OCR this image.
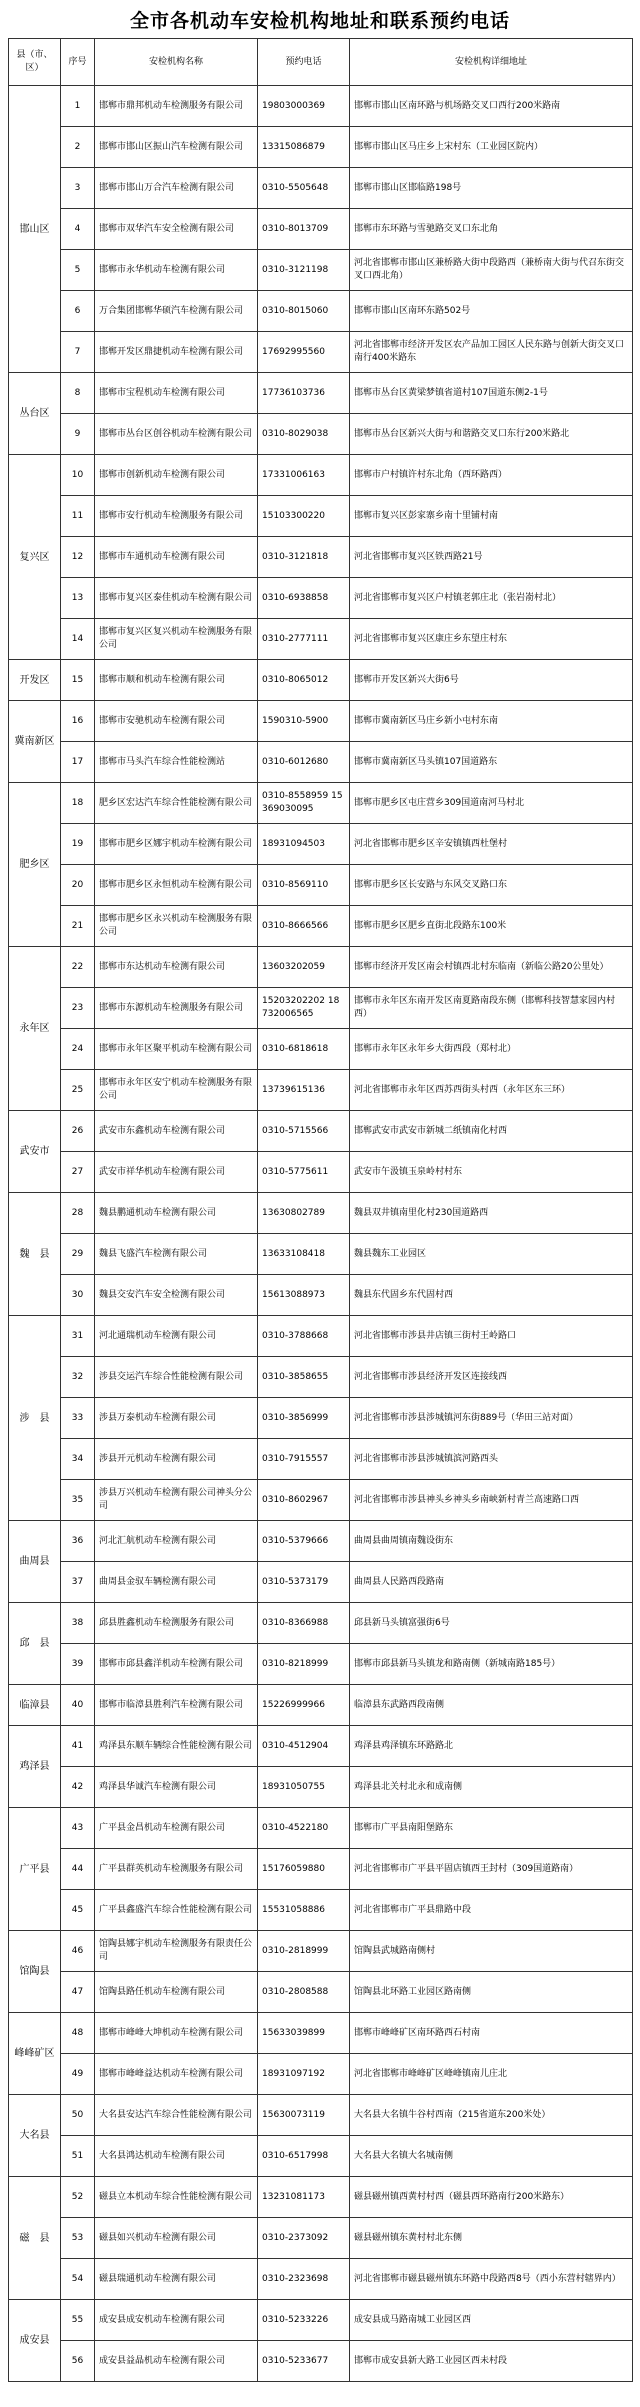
全市各机动车安检机构地址和联系预约电话
县（市、区）	序号	安检机构名称	预约电话	安检机构详细地址
邯山区	1	邯郸市鼎邦机动车检测服务有限公司	19803000369	邯郸市邯山区南环路与机场路交叉口西行200米路南
	2	邯郸市邯山区振山汽车检测有限公司	13315086879	邯郸市邯山区马庄乡上宋村东（工业园区院内）
	3	邯郸市邯山万合汽车检测有限公司	0310-5505648	邯郸市邯山区邯临路198号
	4	邯郸市双华汽车安全检测有限公司	0310-8013709	邯郸市东环路与雪驰路交叉口东北角
	5	邯郸市永华机动车检测有限公司	0310-3121198	河北省邯郸市邯山区兼桥路大街中段路西（兼桥南大街与代召东街交叉口西北角）
	6	万合集团邯郸华硕汽车检测有限公司	0310-8015060	邯郸市邯山区南环东路502号
	7	邯郸开发区鼎捷机动车检测有限公司	17692995560	河北省邯郸市经济开发区农产品加工园区人民东路与创新大街交叉口南行400米路东
丛台区	8	邯郸市宝程机动车检测有限公司	17736103736	邯郸市丛台区黄梁梦镇省道村107国道东侧2-1号
	9	邯郸市丛台区创谷机动车检测有限公司	0310-8029038	邯郸市丛台区新兴大街与和谐路交叉口东行200米路北
复兴区	10	邯郸市创新机动车检测有限公司	17331006163	邯郸市户村镇许村东北角（西环路西）
	11	邯郸市安行机动车检测服务有限公司	15103300220	邯郸市复兴区彭家寨乡南十里铺村南
	12	邯郸市车通机动车检测有限公司	0310-3121818	河北省邯郸市复兴区铁西路21号
	13	邯郸市复兴区泰佳机动车检测有限公司	0310-6938858	河北省邯郸市复兴区户村镇老郭庄北（张岩嵛村北）
	14	邯郸市复兴区复兴机动车检测服务有限公司	0310-2777111	河北省邯郸市复兴区康庄乡东望庄村东
开发区	15	邯郸市顺和机动车检测有限公司	0310-8065012	邯郸市开发区新兴大街6号
冀南新区	16	邯郸市安驰机动车检测有限公司	1590310-5900	邯郸市冀南新区马庄乡新小屯村东南
	17	邯郸市马头汽车综合性能检测站	0310-6012680	邯郸市冀南新区马头镇107国道路东
肥乡区	18	肥乡区宏达汽车综合性能检测有限公司	0310-8558959 15369030095	邯郸市肥乡区屯庄营乡309国道南河马村北
	19	邯郸市肥乡区娜宇机动车检测有限公司	18931094503	河北省邯郸市肥乡区辛安镇镇西杜堡村
	20	邯郸市肥乡区永恒机动车检测有限公司	0310-8569110	邯郸市肥乡区长安路与东风交叉路口东
	21	邯郸市肥乡区永兴机动车检测服务有限公司	0310-8666566	邯郸市肥乡区肥乡直街北段路东100米
永年区	22	邯郸市东达机动车检测有限公司	13603202059	邯郸市经济开发区南会村镇西北村东临南（新临公路20公里处）
	23	邯郸市东源机动车检测服务有限公司	15203202202 18732006565	邯郸市永年区东南开发区南夏路南段东侧（邯郸科技智慧家园内村西）
	24	邯郸市永年区聚平机动车检测有限公司	0310-6818618	邯郸市永年区永年乡大街西段（郑村北）
	25	邯郸市永年区安宁机动车检测服务有限公司	13739615136	河北省邯郸市永年区西苏西街头村西（永年区东三环）
武安市	26	武安市东鑫机动车检测有限公司	0310-5715566	邯郸武安市武安市新城二纸镇南化村西
	27	武安市祥华机动车检测有限公司	0310-5775611	武安市午汲镇玉泉岭村村东
魏　县	28	魏县鹏通机动车检测有限公司	13630802789	魏县双井镇南里化村230国道路西
	29	魏县飞盛汽车检测有限公司	13633108418	魏县魏东工业园区
	30	魏县交安汽车安全检测有限公司	15613088973	魏县东代固乡东代固村西
涉　县	31	河北通瑞机动车检测有限公司	0310-3788668	河北省邯郸市涉县井店镇三街村王岭路口
	32	涉县交运汽车综合性能检测有限公司	0310-3858655	河北省邯郸市涉县经济开发区连接线西
	33	涉县万泰机动车检测有限公司	0310-3856999	河北省邯郸市涉县涉城镇河东街889号（华田三站对面）
	34	涉县开元机动车检测有限公司	0310-7915557	河北省邯郸市涉县涉城镇滨河路西头
	35	涉县万兴机动车检测有限公司神头分公司	0310-8602967	河北省邯郸市涉县神头乡神头乡南峡新村青兰高速路口西
曲周县	36	河北汇航机动车检测有限公司	0310-5379666	曲周县曲周镇南魏设街东
	37	曲周县金驭车辆检测有限公司	0310-5373179	曲周县人民路西段路南
邱　县	38	邱县胜鑫机动车检测服务有限公司	0310-8366988	邱县新马头镇富强街6号
	39	邯郸市邱县鑫洋机动车检测有限公司	0310-8218999	邯郸市邱县新马头镇龙和路南侧（新城南路185号）
临漳县	40	邯郸市临漳县胜利汽车检测有限公司	15226999966	临漳县东武路西段南侧
鸡泽县	41	鸡泽县东顺车辆综合性能检测有限公司	0310-4512904	鸡泽县鸡泽镇东环路路北
	42	鸡泽县华诚汽车检测有限公司	18931050755	鸡泽县北关村北永和成南侧
广平县	43	广平县金昌机动车检测有限公司	0310-4522180	邯郸市广平县南阳堡路东
	44	广平县群英机动车检测服务有限公司	15176059880	河北省邯郸市广平县平固店镇西王封村（309国道路南）
	45	广平县鑫盛汽车综合性能检测有限公司	15531058886	河北省邯郸市广平县鼎路中段
馆陶县	46	馆陶县娜宇机动车检测服务有限责任公司	0310-2818999	馆陶县武城路南侧村
	47	馆陶县路任机动车检测有限公司	0310-2808588	馆陶县北环路工业园区路南侧
峰峰矿区	48	邯郸市峰峰大坤机动车检测有限公司	15633039899	邯郸市峰峰矿区南环路西石村南
	49	邯郸市峰峰益达机动车检测有限公司	18931097192	河北省邯郸市峰峰矿区峰峰镇南儿庄北
大名县	50	大名县安达汽车综合性能检测有限公司	15630073119	大名县大名镇牛谷村西南（215省道东200米处）
	51	大名县鸿达机动车检测有限公司	0310-6517998	大名县大名镇大名城南侧
磁　县	52	磁县立本机动车综合性能检测有限公司	13231081173	磁县磁州镇西黄村村西（磁县西环路南行200米路东）
	53	磁县如兴机动车检测有限公司	0310-2373092	磁县磁州镇东黄村村北东侧
	54	磁县瑞通机动车检测有限公司	0310-2323698	河北省邯郸市磁县磁州镇东环路中段路西8号（西小东营村辖界内）
成安县	55	成安县成安机动车检测有限公司	0310-5233226	成安县成马路南城工业园区西
	56	成安县益晶机动车检测有限公司	0310-5233677	邯郸市成安县新大路工业园区西未村段
